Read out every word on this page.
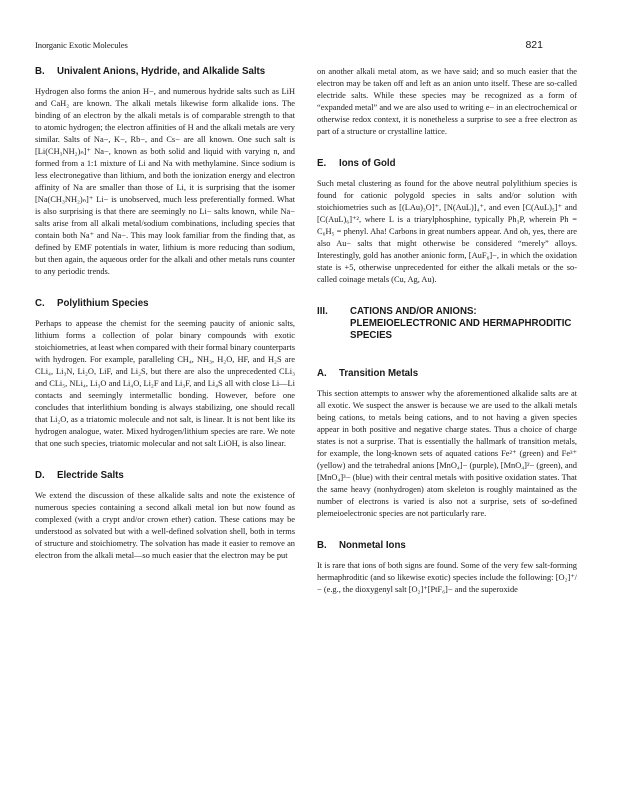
Inorganic Exotic Molecules	821
B. Univalent Anions, Hydride, and Alkalide Salts

Hydrogen also forms the anion H−, and numerous hydride salts such as LiH and CaH₂ are known. The alkali metals likewise form alkalide ions. The binding of an electron by the alkali metals is of comparable strength to that to atomic hydrogen; the electron affinities of H and the alkali metals are very similar. Salts of Na−, K−, Rb−, and Cs− are all known. One such salt is [Li(CH₃NH₂)ₙ]⁺ Na−, known as both solid and liquid with varying n, and formed from a 1:1 mixture of Li and Na with methylamine. Since sodium is less electronegative than lithium, and both the ionization energy and electron affinity of Na are smaller than those of Li, it is surprising that the isomer [Na(CH₃NH₂)ₙ]⁺ Li− is unobserved, much less preferentially formed. What is also surprising is that there are seemingly no Li− salts known, while Na− salts arise from all alkali metal/sodium combinations, including species that contain both Na⁺ and Na−. This may look familiar from the finding that, as defined by EMF potentials in water, lithium is more reducing than sodium, but then again, the aqueous order for the alkali and other metals runs counter to any periodic trends.

C. Polylithium Species

Perhaps to appease the chemist for the seeming paucity of anionic salts, lithium forms a collection of polar binary compounds with exotic stoichiometries, at least when compared with their formal binary counterparts with hydrogen. For example, paralleling CH₄, NH₃, H₂O, HF, and H₂S are CLi₄, Li₃N, Li₂O, LiF, and Li₂S, but there are also the unprecedented CLi₃ and CLi₅, NLi₄, Li₃O and Li₄O, Li₂F and Li₃F, and Li₄S all with close Li—Li contacts and seemingly intermetallic bonding. However, before one concludes that interlithium bonding is always stabilizing, one should recall that Li₂O, as a triatomic molecule and not salt, is linear. It is not bent like its hydrogen analogue, water. Mixed hydrogen/lithium species are rare. We note that one such species, triatomic molecular and not salt LiOH, is also linear.

D. Electride Salts

We extend the discussion of these alkalide salts and note the existence of numerous species containing a second alkali metal ion but now found as complexed (with a crypt and/or crown ether) cation. These cations may be understood as solvated but with a well-defined solvation shell, both in terms of structure and stoichiometry. The solvation has made it easier to remove an electron from the alkali metal—so much easier that the electron may be put

on another alkali metal atom, as we have said; and so much easier that the electron may be taken off and left as an anion unto itself. These are so-called electride salts. While these species may be recognized as a form of “expanded metal” and we are also used to writing e− in an electrochemical or otherwise redox context, it is nonetheless a surprise to see a free electron as part of a structure or crystalline lattice.

E. Ions of Gold

Such metal clustering as found for the above neutral polylithium species is found for cationic polygold species in salts and/or solution with stoichiometries such as [(LAu)₃O]⁺, [N(AuL)]₄⁺, and even [C(AuL)₅]⁺ and [C(AuL)₆]⁺², where L is a triarylphosphine, typically Ph₃P, wherein Ph = C₆H₅ = phenyl. Aha! Carbons in great numbers appear. And oh, yes, there are also Au− salts that might otherwise be considered “merely” alloys. Interestingly, gold has another anionic form, [AuF₆]−, in which the oxidation state is +5, otherwise unprecedented for either the alkali metals or the so-called coinage metals (Cu, Ag, Au).

III. CATIONS AND/OR ANIONS: PLEMEIOELECTRONIC AND HERMAPHRODITIC SPECIES
A. Transition Metals

This section attempts to answer why the aforementioned alkalide salts are at all exotic. We suspect the answer is because we are used to the alkali metals being cations, to metals being cations, and to not having a given species appear in both positive and negative charge states. Thus a choice of charge states is not a surprise. That is essentially the hallmark of transition metals, for example, the long-known sets of aquated cations Fe²⁺ (green) and Fe³⁺ (yellow) and the tetrahedral anions [MnO₄]− (purple), [MnO₄]²− (green), and [MnO₄]³− (blue) with their central metals with positive oxidation states. That the same heavy (nonhydrogen) atom skeleton is roughly maintained as the number of electrons is varied is also not a surprise, sets of so-defined plemeioelectronic species are not particularly rare.

B. Nonmetal Ions

It is rare that ions of both signs are found. Some of the very few salt-forming hermaphroditic (and so likewise exotic) species include the following: [O₂]⁺/− (e.g., the dioxygenyl salt [O₂]⁺[PtF₆]− and the superoxide
